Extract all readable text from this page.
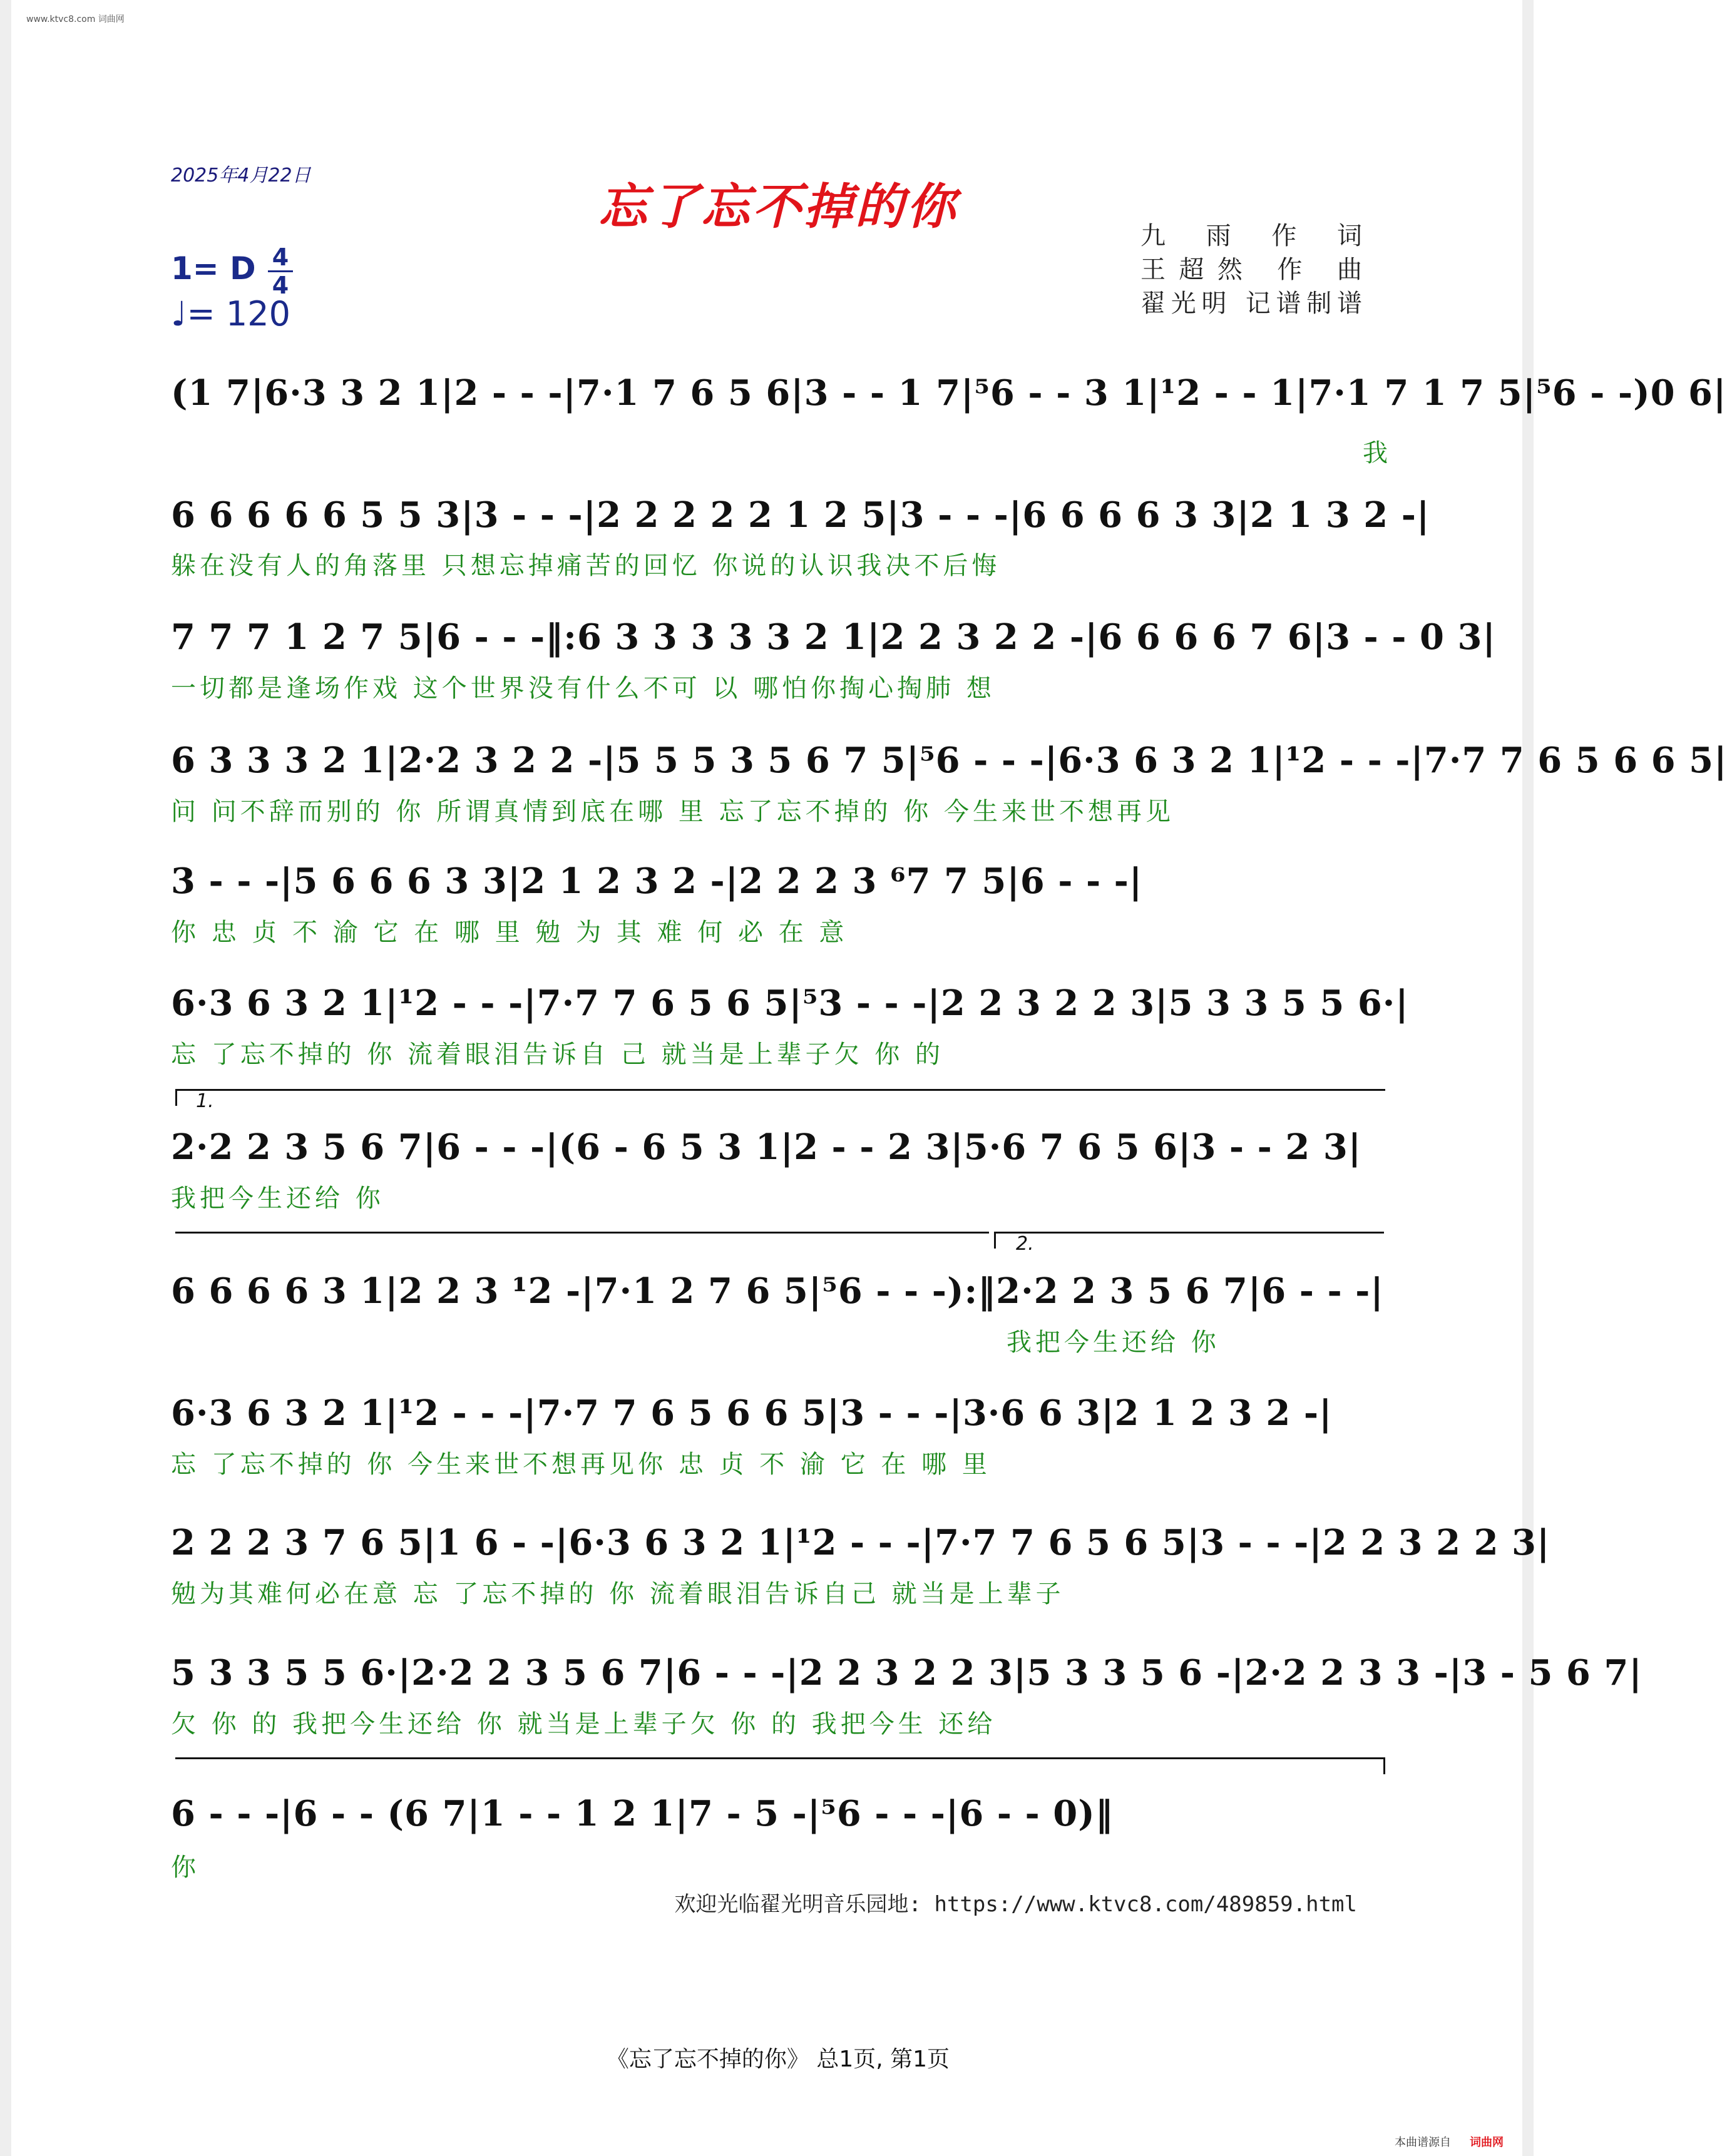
www.ktvc8.com 词曲网
2025年4月22日
忘了忘不掉的你
九 雨 作 词
王超然 作 曲
翟光明 记谱制谱
1= D 4
4
♩= 120
(1 7|6·3 3 2 1|2 - - -|7·1 7 6 5 6|3 - - 1 7|⁵6 - - 3 1|¹2 - - 1|7·1 7 1 7 5|⁵6 - -)0 6|
我
6 6 6 6 6 5 5 3|3 - - -|2 2 2 2 2 1 2 5|3 - - -|6 6 6 6 3 3|2 1 3 2 -|
躲在没有人的角落里 只想忘掉痛苦的回忆 你说的认识我决不后悔
7 7 7 1 2 7 5|6 - - -‖:6 3 3 3 3 3 2 1|2 2 3 2 2 -|6 6 6 6 7 6|3 - - 0 3|
一切都是逢场作戏 这个世界没有什么不可 以 哪怕你掏心掏肺 想
6 3 3 3 2 1|2·2 3 2 2 -|5 5 5 3 5 6 7 5|⁵6 - - -|6·3 6 3 2 1|¹2 - - -|7·7 7 6 5 6 6 5|
问 问不辞而别的 你 所谓真情到底在哪 里 忘了忘不掉的 你 今生来世不想再见
3 - - -|5 6 6 6 3 3|2 1 2 3 2 -|2 2 2 3 ⁶7 7 5|6 - - -|
你 忠 贞 不 渝 它 在 哪 里 勉 为 其 难 何 必 在 意
6·3 6 3 2 1|¹2 - - -|7·7 7 6 5 6 5|⁵3 - - -|2 2 3 2 2 3|5 3 3 5 5 6·|
忘 了忘不掉的 你 流着眼泪告诉自 己 就当是上辈子欠 你 的
1.
2·2 2 3 5 6 7|6 - - -|(6 - 6 5 3 1|2 - - 2 3|5·6 7 6 5 6|3 - - 2 3|
我把今生还给 你
2.
6 6 6 6 3 1|2 2 3 ¹2 -|7·1 2 7 6 5|⁵6 - - -):‖2·2 2 3 5 6 7|6 - - -|
我把今生还给 你
6·3 6 3 2 1|¹2 - - -|7·7 7 6 5 6 6 5|3 - - -|3·6 6 3|2 1 2 3 2 -|
忘 了忘不掉的 你 今生来世不想再见你 忠 贞 不 渝 它 在 哪 里
2 2 2 3 7 6 5|1 6 - -|6·3 6 3 2 1|¹2 - - -|7·7 7 6 5 6 5|3 - - -|2 2 3 2 2 3|
勉为其难何必在意 忘 了忘不掉的 你 流着眼泪告诉自己 就当是上辈子
5 3 3 5 5 6·|2·2 2 3 5 6 7|6 - - -|2 2 3 2 2 3|5 3 3 5 6 -|2·2 2 3 3 -|3 - 5 6 7|
欠 你 的 我把今生还给 你 就当是上辈子欠 你 的 我把今生 还给
6 - - -|6 - - (6 7|1 - - 1 2 1|7 - 5 -|⁵6 - - -|6 - - 0)‖
你
欢迎光临翟光明音乐园地: https://www.ktvc8.com/489859.html
《忘了忘不掉的你》 总1页, 第1页
本曲谱源自 词曲网
